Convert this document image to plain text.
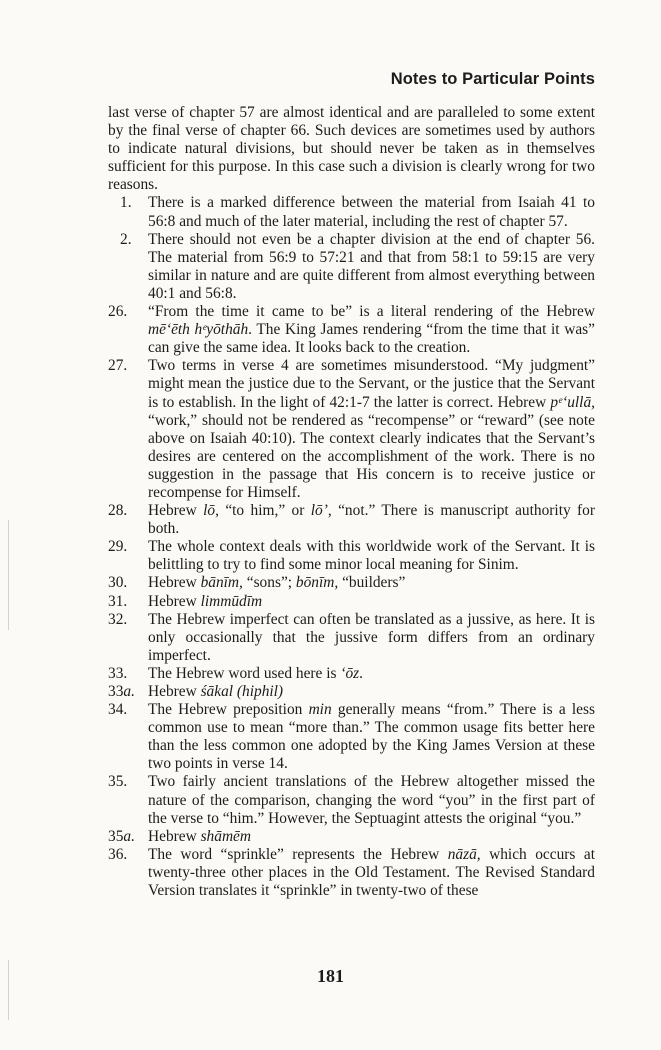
Notes to Particular Points
last verse of chapter 57 are almost identical and are paralleled to some extent by the final verse of chapter 66. Such devices are sometimes used by authors to indicate natural divisions, but should never be taken as in themselves sufficient for this purpose. In this case such a division is clearly wrong for two reasons.
1. There is a marked difference between the material from Isaiah 41 to 56:8 and much of the later material, including the rest of chapter 57.
2. There should not even be a chapter division at the end of chapter 56. The material from 56:9 to 57:21 and that from 58:1 to 59:15 are very similar in nature and are quite different from almost everything between 40:1 and 56:8.
26.	“From the time it came to be” is a literal rendering of the Hebrew mēʻēth hᵉyōthāh. The King James rendering “from the time that it was” can give the same idea. It looks back to the creation.
27.	Two terms in verse 4 are sometimes misunderstood. “My judgment” might mean the justice due to the Servant, or the justice that the Servant is to establish. In the light of 42:1-7 the latter is correct. Hebrew pᵉʻullā, “work,” should not be rendered as “recompense” or “reward” (see note above on Isaiah 40:10). The context clearly indicates that the Servant’s desires are centered on the accomplishment of the work. There is no suggestion in the passage that His concern is to receive justice or recompense for Himself.
28.	Hebrew lō, “to him,” or lō’, “not.” There is manuscript authority for both.
29.	The whole context deals with this worldwide work of the Servant. It is belittling to try to find some minor local meaning for Sinim.
30.	Hebrew bānīm, “sons”; bōnīm, “builders”
31.	Hebrew limmūdīm
32.	The Hebrew imperfect can often be translated as a jussive, as here. It is only occasionally that the jussive form differs from an ordinary imperfect.
33.	The Hebrew word used here is ʻōz.
33a. Hebrew śākal (hiphil)
34.	The Hebrew preposition min generally means “from.” There is a less common use to mean “more than.” The common usage fits better here than the less common one adopted by the King James Version at these two points in verse 14.
35.	Two fairly ancient translations of the Hebrew altogether missed the nature of the comparison, changing the word “you” in the first part of the verse to “him.” However, the Septuagint attests the original “you.”
35a. Hebrew shāmēm
36.	The word “sprinkle” represents the Hebrew nāzā, which occurs at twenty-three other places in the Old Testament. The Revised Standard Version translates it “sprinkle” in twenty-two of these
181
